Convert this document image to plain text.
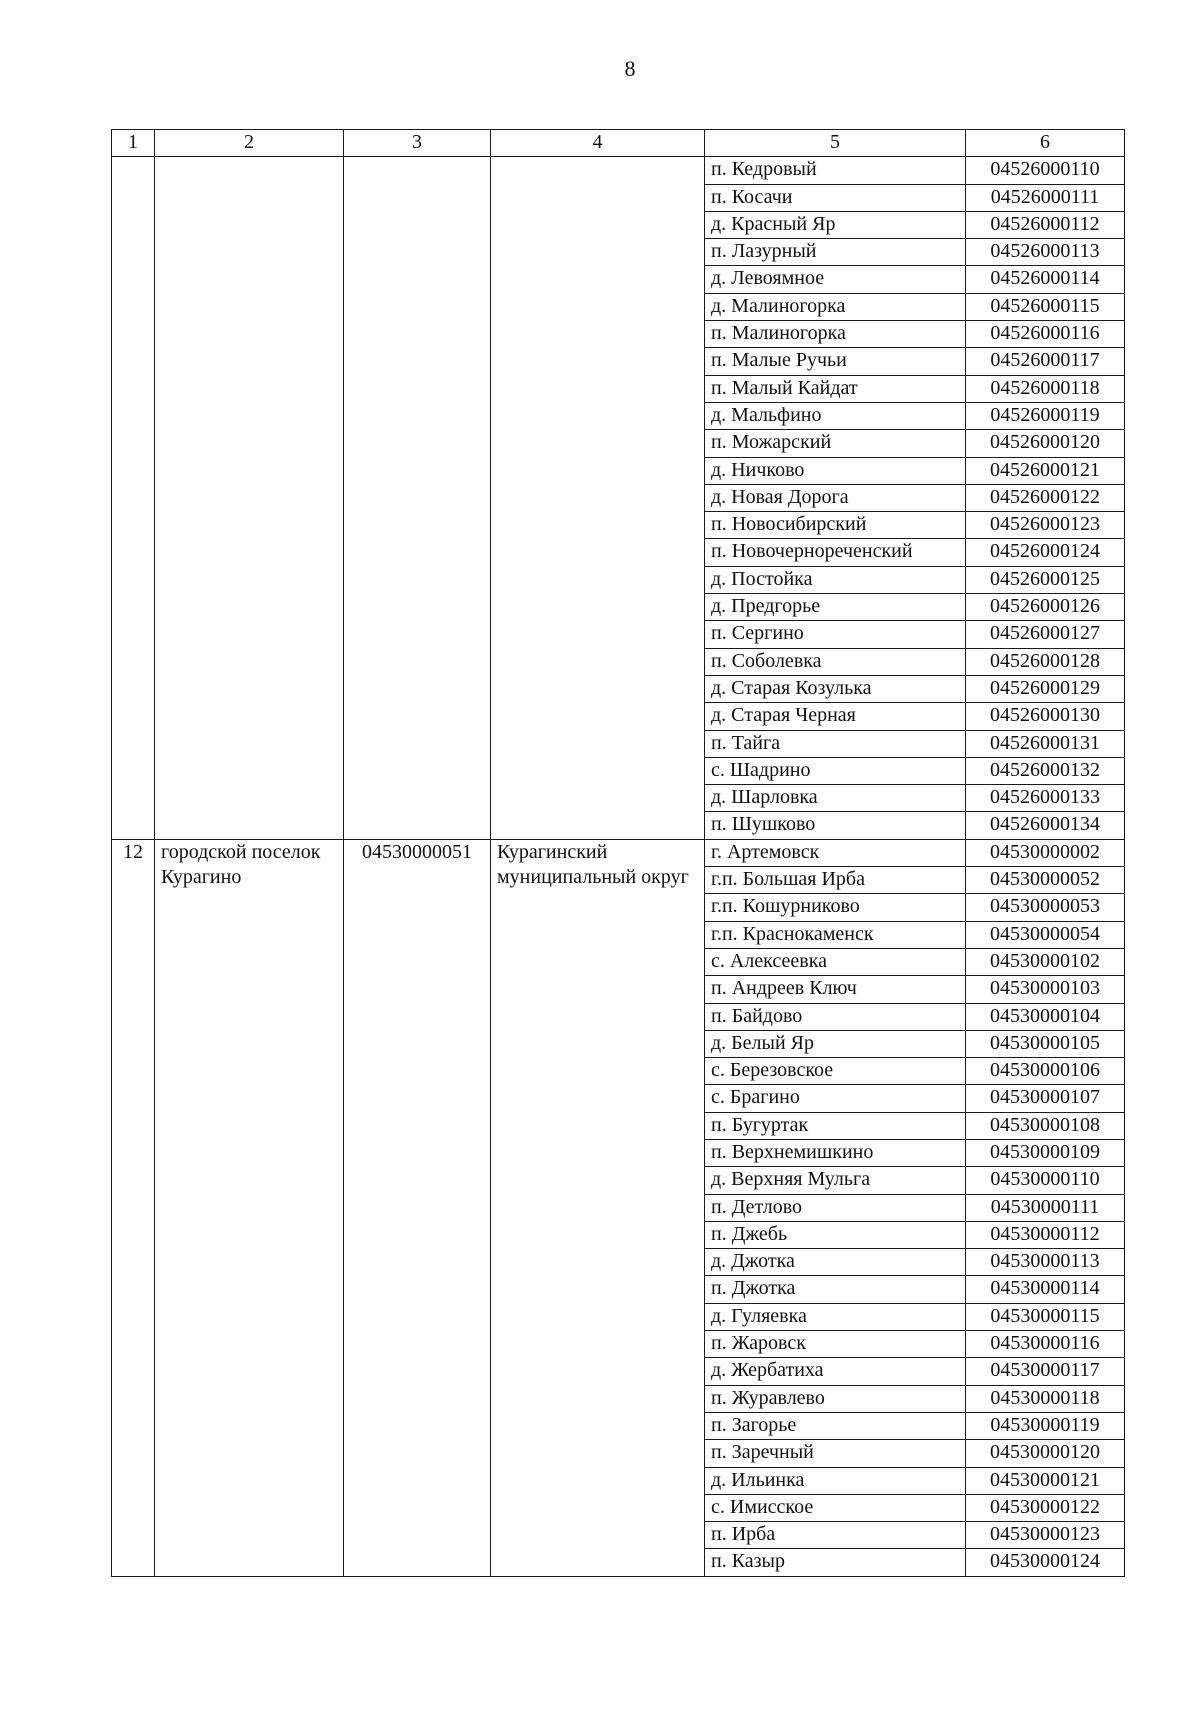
8
1	2	3	4	5	6
				п. Кедровый	04526000110
				п. Косачи	04526000111
				д. Красный Яр	04526000112
				п. Лазурный	04526000113
				д. Левоямное	04526000114
				д. Малиногорка	04526000115
				п. Малиногорка	04526000116
				п. Малые Ручьи	04526000117
				п. Малый Кайдат	04526000118
				д. Мальфино	04526000119
				п. Можарский	04526000120
				д. Ничково	04526000121
				д. Новая Дорога	04526000122
				п. Новосибирский	04526000123
				п. Новочернореченский	04526000124
				д. Постойка	04526000125
				д. Предгорье	04526000126
				п. Сергино	04526000127
				п. Соболевка	04526000128
				д. Старая Козулька	04526000129
				д. Старая Черная	04526000130
				п. Тайга	04526000131
				с. Шадрино	04526000132
				д. Шарловка	04526000133
				п. Шушково	04526000134
12	городской поселок Курагино	04530000051	Курагинский муниципальный округ	г. Артемовск	04530000002
				г.п. Большая Ирба	04530000052
				г.п. Кошурниково	04530000053
				г.п. Краснокаменск	04530000054
				с. Алексеевка	04530000102
				п. Андреев Ключ	04530000103
				п. Байдово	04530000104
				д. Белый Яр	04530000105
				с. Березовское	04530000106
				с. Брагино	04530000107
				п. Бугуртак	04530000108
				п. Верхнемишкино	04530000109
				д. Верхняя Мульга	04530000110
				п. Детлово	04530000111
				п. Джебь	04530000112
				д. Джотка	04530000113
				п. Джотка	04530000114
				д. Гуляевка	04530000115
				п. Жаровск	04530000116
				д. Жербатиха	04530000117
				п. Журавлево	04530000118
				п. Загорье	04530000119
				п. Заречный	04530000120
				д. Ильинка	04530000121
				с. Имисское	04530000122
				п. Ирба	04530000123
				п. Казыр	04530000124
